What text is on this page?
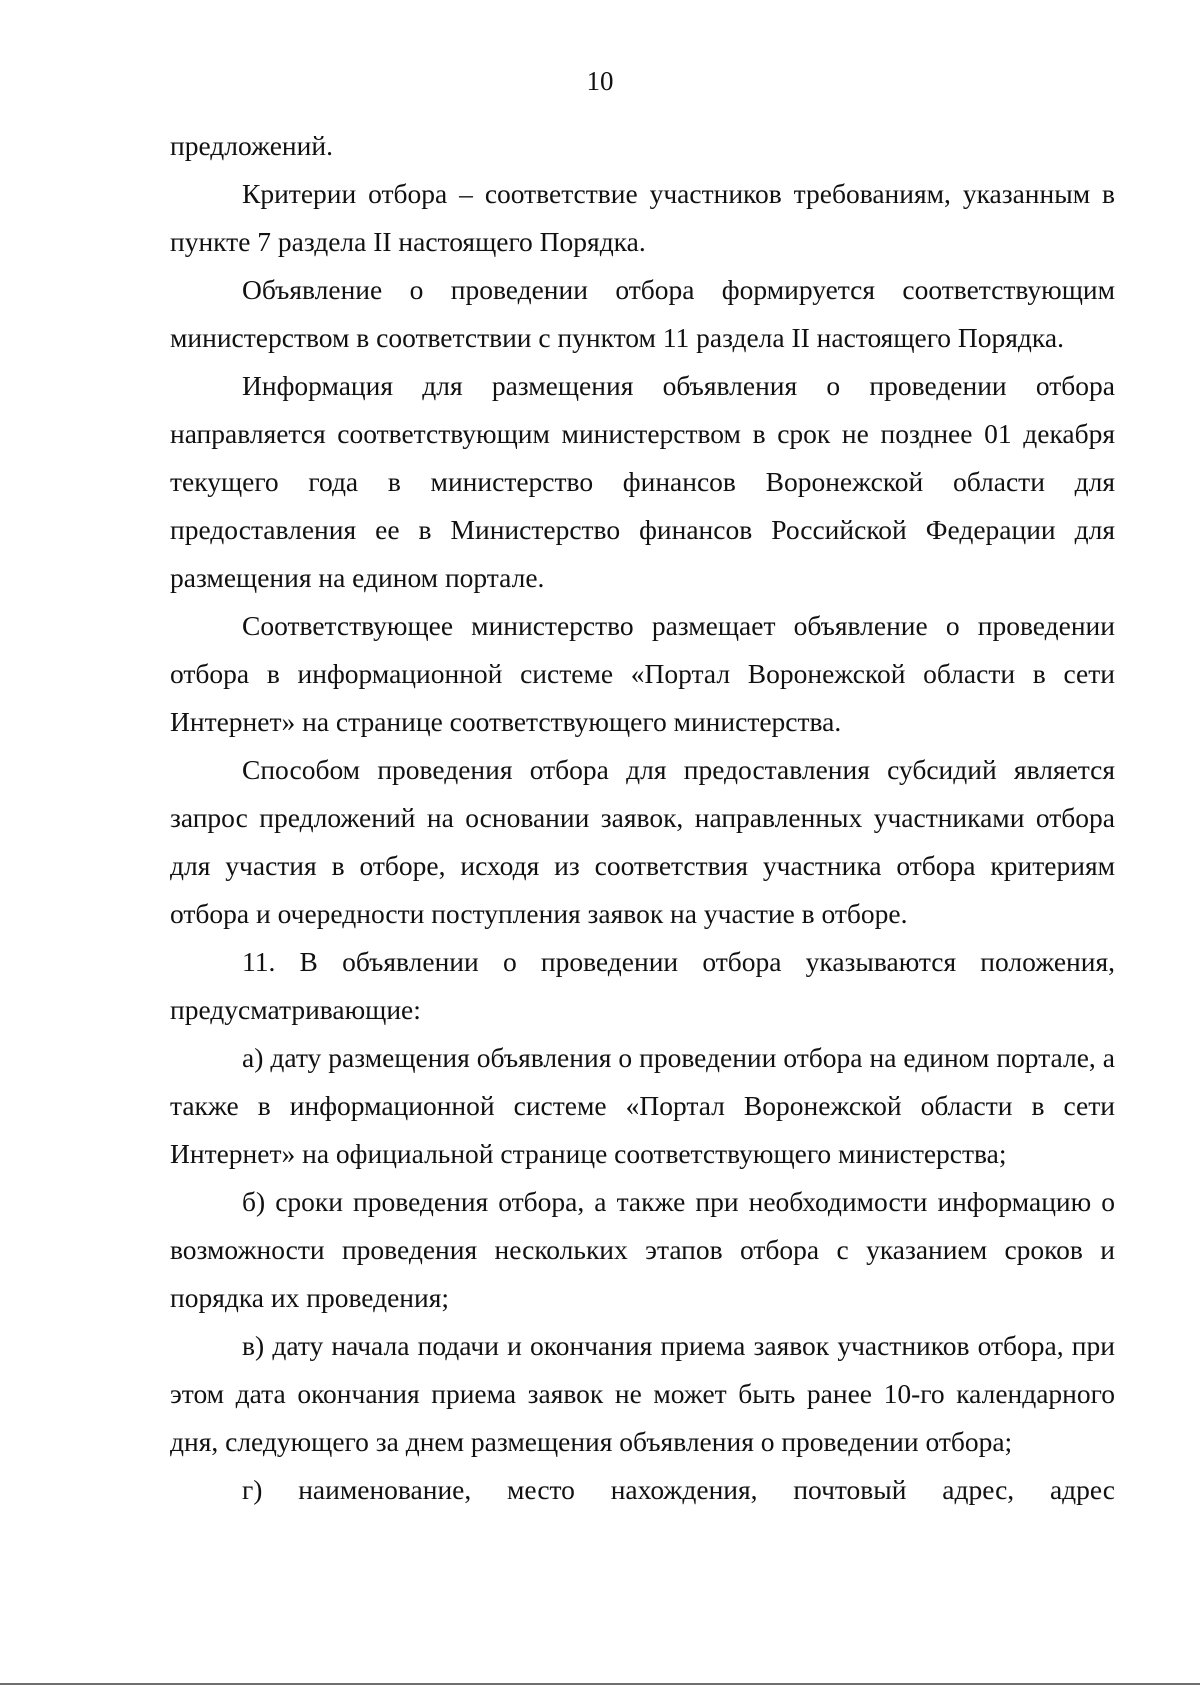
10

предложений.

Критерии отбора – соответствие участников требованиям, указанным в пункте 7 раздела II настоящего Порядка.

Объявление о проведении отбора формируется соответствующим министерством в соответствии с пунктом 11 раздела II настоящего Порядка.

Информация для размещения объявления о проведении отбора направляется соответствующим министерством в срок не позднее 01 декабря текущего года в министерство финансов Воронежской области для предоставления ее в Министерство финансов Российской Федерации для размещения на едином портале.

Соответствующее министерство размещает объявление о проведении отбора в информационной системе «Портал Воронежской области в сети Интернет» на странице соответствующего министерства.

Способом проведения отбора для предоставления субсидий является запрос предложений на основании заявок, направленных участниками отбора для участия в отборе, исходя из соответствия участника отбора критериям отбора и очередности поступления заявок на участие в отборе.

11. В объявлении о проведении отбора указываются положения, предусматривающие:

а) дату размещения объявления о проведении отбора на едином портале, а также в информационной системе «Портал Воронежской области в сети Интернет» на официальной странице соответствующего министерства;

б) сроки проведения отбора, а также при необходимости информацию о возможности проведения нескольких этапов отбора с указанием сроков и порядка их проведения;

в) дату начала подачи и окончания приема заявок участников отбора, при этом дата окончания приема заявок не может быть ранее 10-го календарного дня, следующего за днем размещения объявления о проведении отбора;

г) наименование, место нахождения, почтовый адрес, адрес
